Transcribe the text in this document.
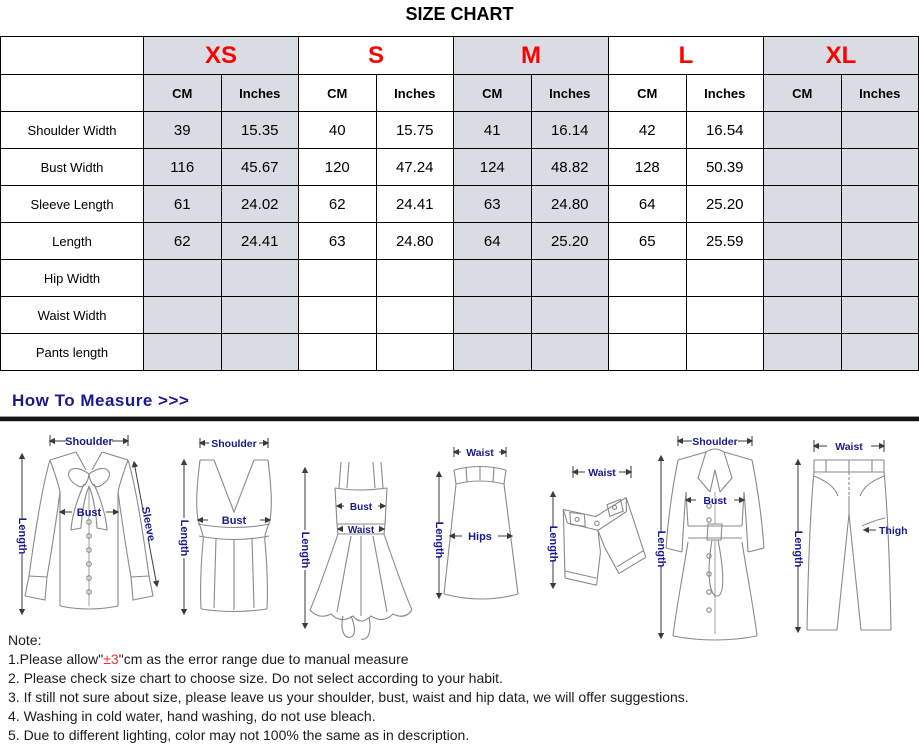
SIZE CHART
	XS		S		M		L		XL	
	CM	Inches	CM	Inches	CM	Inches	CM	Inches	CM	Inches
Shoulder Width	39	15.35	40	15.75	41	16.14	42	16.54		
Bust Width	116	45.67	120	47.24	124	48.82	128	50.39		
Sleeve Length	61	24.02	62	24.41	63	24.80	64	25.20		
Length	62	24.41	63	24.80	64	25.20	65	25.59		
Hip Width										
Waist Width										
Pants length										
How To Measure >>>
Shoulder
Length
Bust	Sleeve
Shoulder
Length	Bust
Length
Bust
Waist
Waist
Length Hips
Waist
Length
Shoulder
Length
Bust
Waist
Length	Thigh

Note:

1.Please allow"±3"cm as the error range due to manual measure

2. Please check size chart to choose size. Do not select according to your habit.

3. If still not sure about size, please leave us your shoulder, bust, waist and hip data, we will offer suggestions.

4. Washing in cold water, hand washing, do not use bleach.

5. Due to different lighting, color may not 100% the same as in description.
